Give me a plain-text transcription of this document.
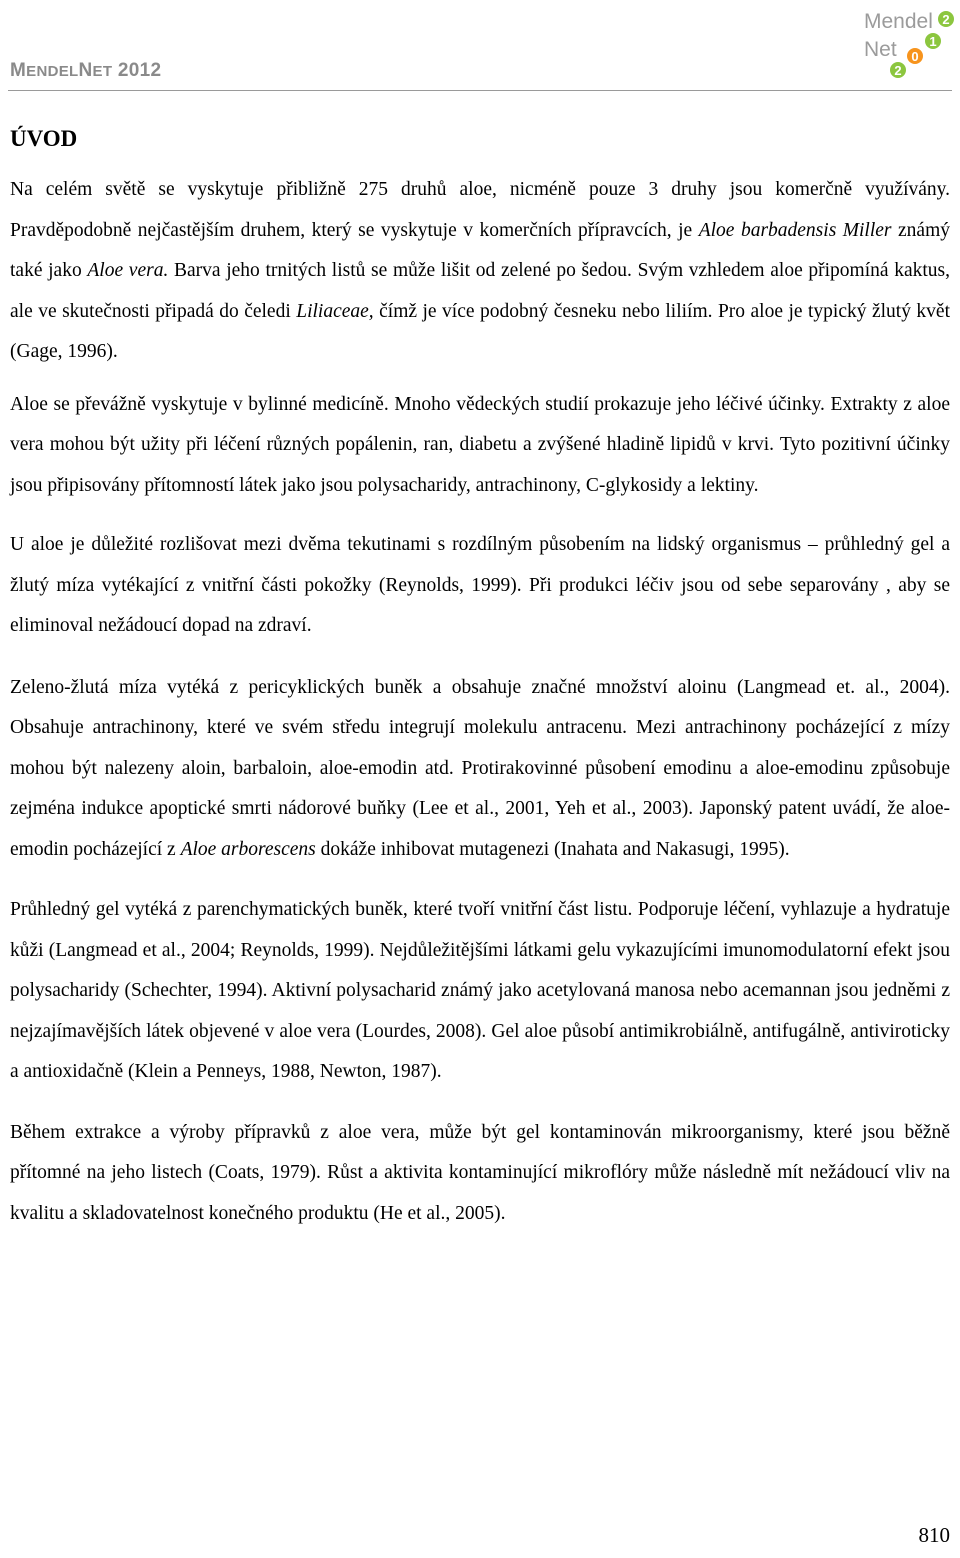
MENDELNET 2012
Mendel
Net
2
1
0
2
ÚVOD

Na celém světě se vyskytuje přibližně 275 druhů aloe, nicméně pouze 3 druhy jsou komerčně využívány. Pravděpodobně nejčastějším druhem, který se vyskytuje v komerčních přípravcích, je Aloe barbadensis Miller známý také jako Aloe vera. Barva jeho trnitých listů se může lišit od zelené po šedou. Svým vzhledem aloe připomíná kaktus, ale ve skutečnosti připadá do čeledi Liliaceae, čímž je více podobný česneku nebo liliím. Pro aloe je typický žlutý květ (Gage, 1996).

Aloe se převážně vyskytuje v bylinné medicíně. Mnoho vědeckých studií prokazuje jeho léčivé účinky. Extrakty z aloe vera mohou být užity při léčení různých popálenin, ran, diabetu a zvýšené hladině lipidů v krvi. Tyto pozitivní účinky jsou připisovány přítomností látek jako jsou polysacharidy, antrachinony, C-glykosidy a lektiny.

U aloe je důležité rozlišovat mezi dvěma tekutinami s rozdílným působením na lidský organismus – průhledný gel a žlutý míza vytékající z vnitřní části pokožky (Reynolds, 1999). Při produkci léčiv jsou od sebe separovány , aby se eliminoval nežádoucí dopad na zdraví.

Zeleno-žlutá míza vytéká z pericyklických buněk a obsahuje značné množství aloinu (Langmead et. al., 2004). Obsahuje antrachinony, které ve svém středu integrují molekulu antracenu. Mezi antrachinony pocházející z mízy mohou být nalezeny aloin, barbaloin, aloe-emodin atd. Protirakovinné působení emodinu a aloe-emodinu způsobuje zejména indukce apoptické smrti nádorové buňky (Lee et al., 2001, Yeh et al., 2003). Japonský patent uvádí, že aloe-emodin pocházející z Aloe arborescens dokáže inhibovat mutagenezi (Inahata and Nakasugi, 1995).

Průhledný gel vytéká z parenchymatických buněk, které tvoří vnitřní část listu. Podporuje léčení, vyhlazuje a hydratuje kůži (Langmead et al., 2004; Reynolds, 1999). Nejdůležitějšími látkami gelu vykazujícími imunomodulatorní efekt jsou polysacharidy (Schechter, 1994). Aktivní polysacharid známý jako acetylovaná manosa nebo acemannan jsou jedněmi z nejzajímavějších látek objevené v aloe vera (Lourdes, 2008). Gel aloe působí antimikrobiálně, antifugálně, antiviroticky a antioxidačně (Klein a Penneys, 1988, Newton, 1987).

Během extrakce a výroby přípravků z aloe vera, může být gel kontaminován mikroorganismy, které jsou běžně přítomné na jeho listech (Coats, 1979). Růst a aktivita kontaminující mikroflóry může následně mít nežádoucí vliv na kvalitu a skladovatelnost konečného produktu (He et al., 2005).

810
